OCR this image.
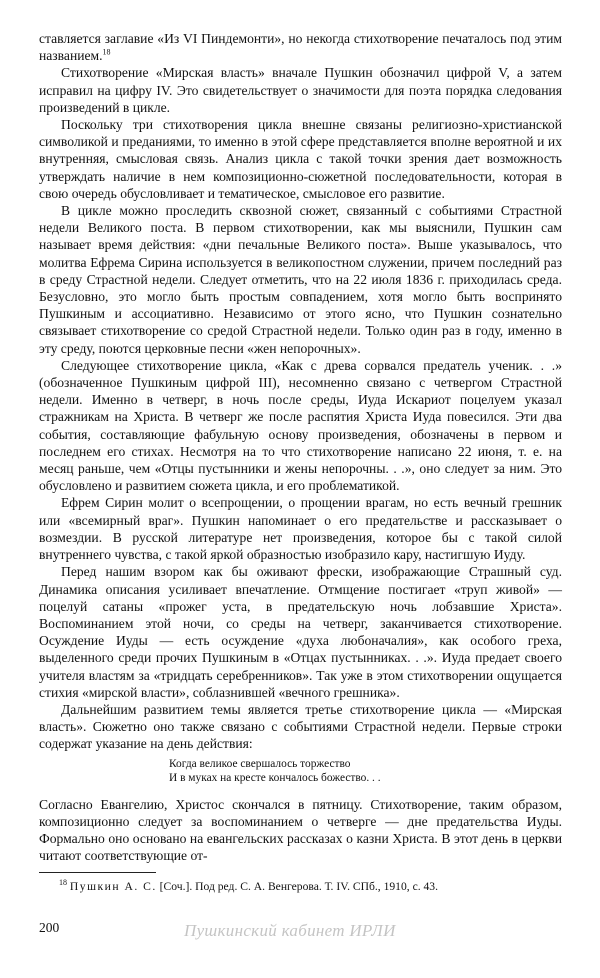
ставляется заглавие «Из VI Пиндемонти», но некогда стихотворение печаталось под этим названием.$^{18}$

Стихотворение «Мирская власть» вначале Пушкин обозначил цифрой V, а затем исправил на цифру IV. Это свидетельствует о значимости для поэта порядка следования произведений в цикле.

Поскольку три стихотворения цикла внешне связаны религиозно-христианской символикой и преданиями, то именно в этой сфере представляется вполне вероятной и их внутренняя, смысловая связь. Анализ цикла с такой точки зрения дает возможность утверждать наличие в нем композиционно-сюжетной последовательности, которая в свою очередь обусловливает и тематическое, смысловое его развитие.

В цикле можно проследить сквозной сюжет, связанный с событиями Страстной недели Великого поста. В первом стихотворении, как мы выяснили, Пушкин сам называет время действия: «дни печальные Великого поста». Выше указывалось, что молитва Ефрема Сирина используется в великопостном служении, причем последний раз в среду Страстной недели. Следует отметить, что на 22 июля 1836 г. приходилась среда. Безусловно, это могло быть простым совпадением, хотя могло быть воспринято Пушкиным и ассоциативно. Независимо от этого ясно, что Пушкин сознательно связывает стихотворение со средой Страстной недели. Только один раз в году, именно в эту среду, поются церковные песни «жен непорочных».

Следующее стихотворение цикла, «Как с древа сорвался предатель ученик. . .» (обозначенное Пушкиным цифрой III), несомненно связано с четвергом Страстной недели. Именно в четверг, в ночь после среды, Иуда Искариот поцелуем указал стражникам на Христа. В четверг же после распятия Христа Иуда повесился. Эти два события, составляющие фабульную основу произведения, обозначены в первом и последнем его стихах. Несмотря на то что стихотворение написано 22 июня, т. е. на месяц раньше, чем «Отцы пустынники и жены непорочны. . .», оно следует за ним. Это обусловлено и развитием сюжета цикла, и его проблематикой.

Ефрем Сирин молит о всепрощении, о прощении врагам, но есть вечный грешник или «всемирный враг». Пушкин напоминает о его предательстве и рассказывает о возмездии. В русской литературе нет произведения, которое бы с такой силой внутреннего чувства, с такой яркой образностью изобразило кару, настигшую Иуду.

Перед нашим взором как бы оживают фрески, изображающие Страшный суд. Динамика описания усиливает впечатление. Отмщение постигает «труп живой» — поцелуй сатаны «прожег уста, в предательскую ночь лобзавшие Христа». Воспоминанием этой ночи, со среды на четверг, заканчивается стихотворение. Осуждение Иуды — есть осуждение «духа любоначалия», как особого греха, выделенного среди прочих Пушкиным в «Отцах пустынниках. . .». Иуда предает своего учителя властям за «тридцать серебренников». Так уже в этом стихотворении ощущается стихия «мирской власти», соблазнившей «вечного грешника».

Дальнейшим развитием темы является третье стихотворение цикла — «Мирская власть». Сюжетно оно также связано с событиями Страстной недели. Первые строки содержат указание на день действия:

Когда великое свершалось торжество
И в муках на кресте кончалось божество. . .

Согласно Евангелию, Христос скончался в пятницу. Стихотворение, таким образом, композиционно следует за воспоминанием о четверге — дне предательства Иуды. Формально оно основано на евангельских рассказах о казни Христа. В этот день в церкви читают соответствующие от-

$^{18}$ Пушкин А. С. [Соч.]. Под ред. С. А. Венгерова. Т. IV. СПб., 1910, с. 43.

200	Пушкинский кабинет ИРЛИ
